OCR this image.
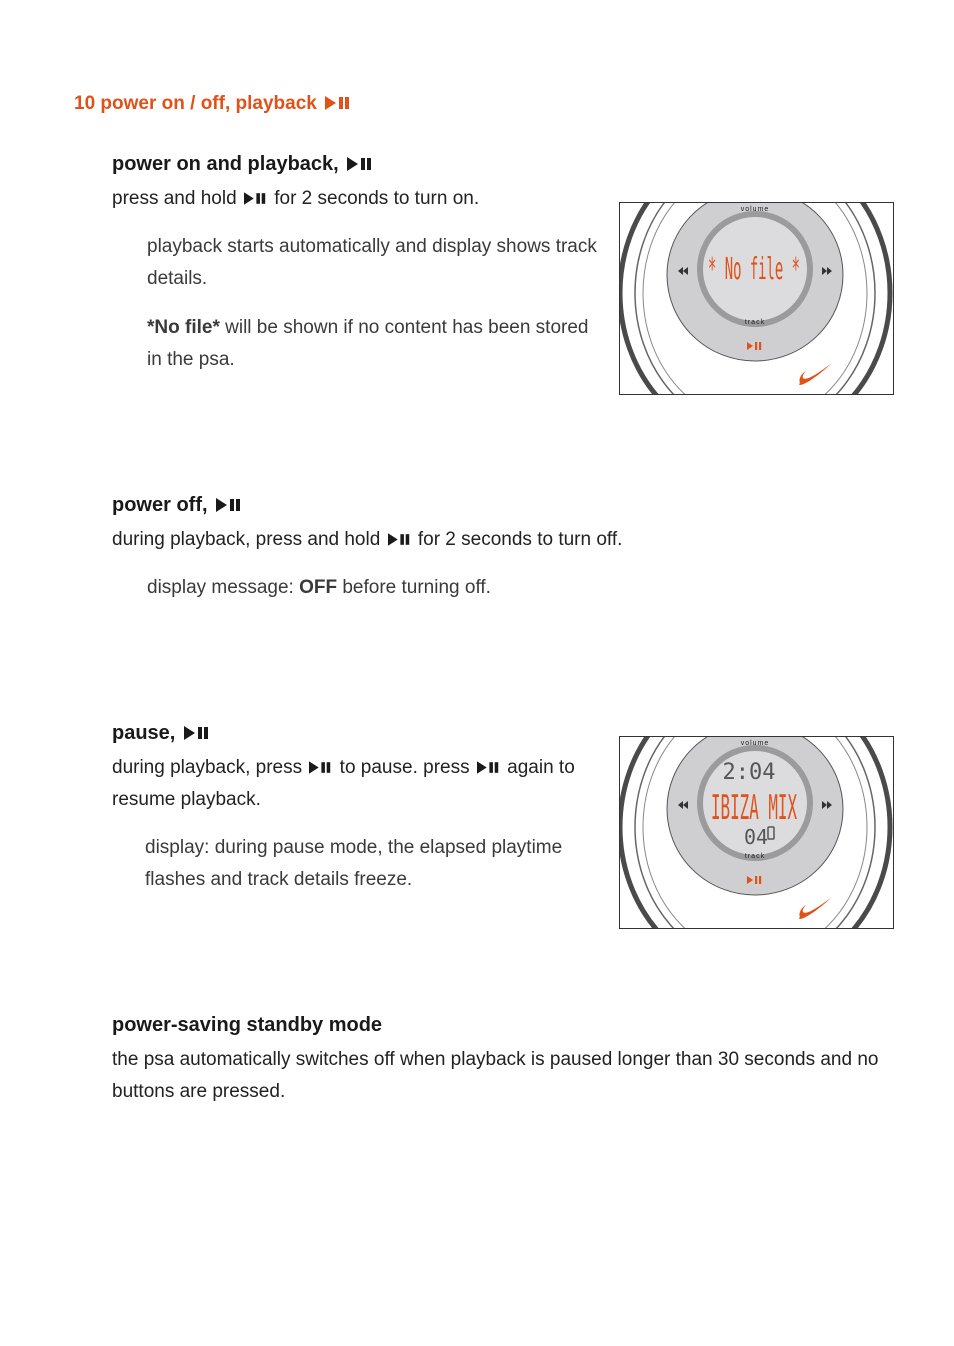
10 power on / off, playback
power on and playback,
press and hold for 2 seconds to turn on.
playback starts automatically and display shows track details.
*No file* will be shown if no content has been stored in the psa.
volume
track
* No file *
power off,
during playback, press and hold for 2 seconds to turn off.
display message: OFF before turning off.
pause,
during playback, press to pause. press again to resume playback.
display: during pause mode, the elapsed playtime flashes and track details freeze.
volume
track
2:04
IBIZA MIX
04
power-saving standby mode
the psa automatically switches off when playback is paused longer than 30 seconds and no buttons are pressed.
